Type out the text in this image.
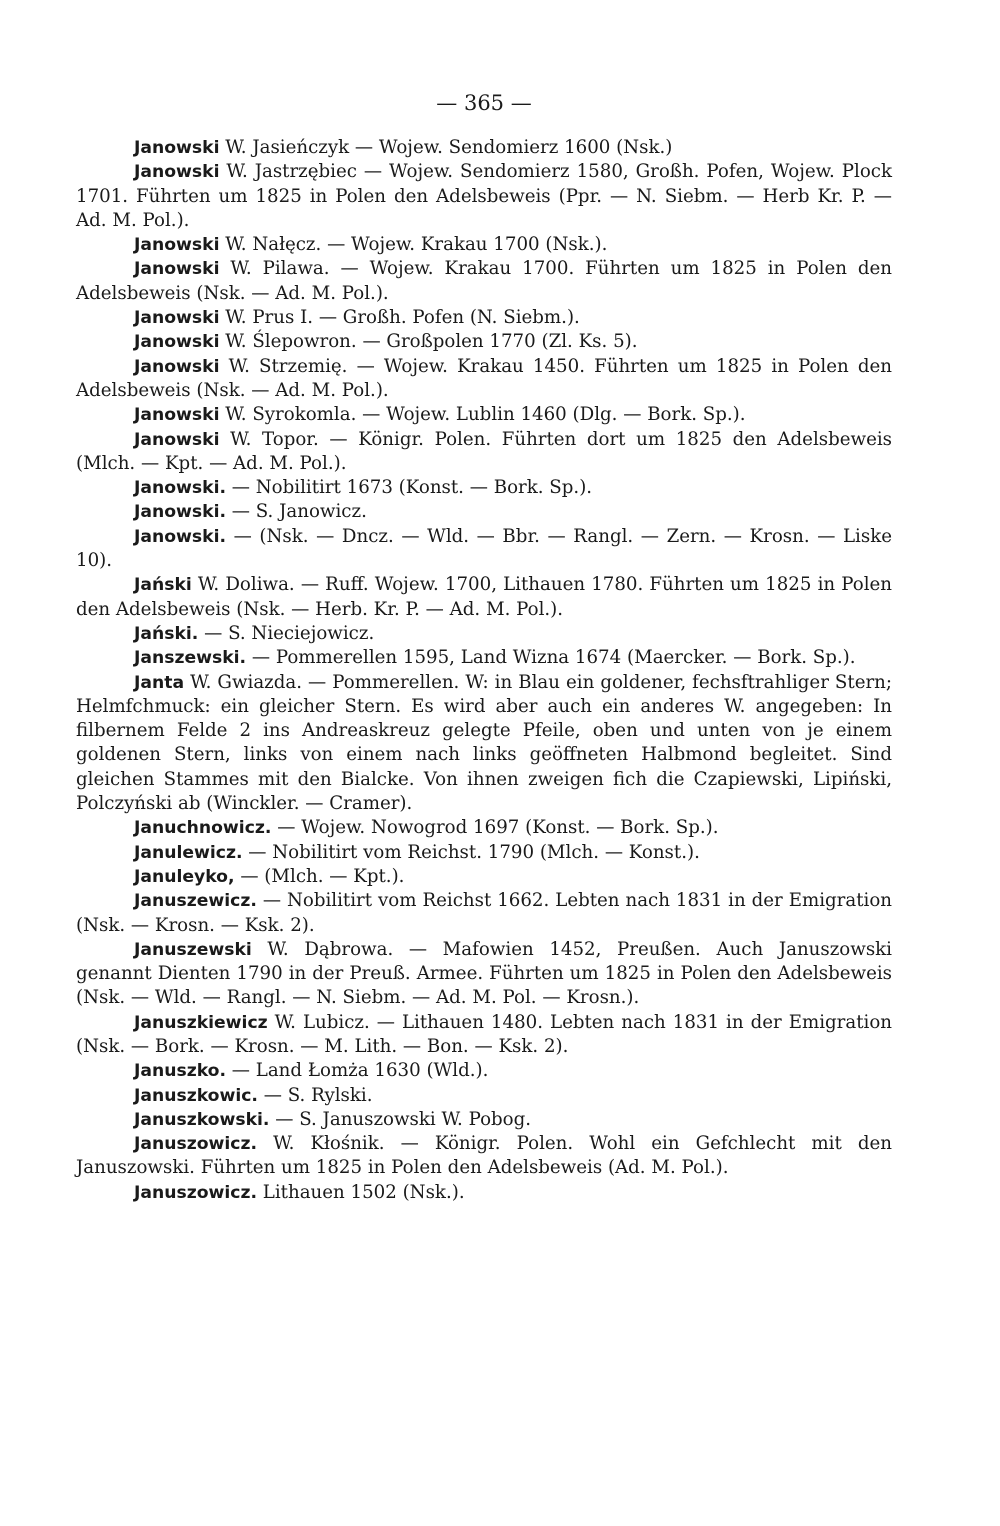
— 365 —

Janowski W. Jasieńczyk — Wojew. Sendomierz 1600 (Nsk.)

Janowski W. Jastrzębiec — Wojew. Sendomierz 1580, Großh. Pofen, Wojew. Plock 1701. Führten um 1825 in Polen den Adelsbeweis (Ppr. — N. Siebm. — Herb Kr. P. — Ad. M. Pol.).

Janowski W. Nałęcz. — Wojew. Krakau 1700 (Nsk.).

Janowski W. Pilawa. — Wojew. Krakau 1700. Führten um 1825 in Polen den Adelsbeweis (Nsk. — Ad. M. Pol.).

Janowski W. Prus I. — Großh. Pofen (N. Siebm.).

Janowski W. Ślepowron. — Großpolen 1770 (Zl. Ks. 5).

Janowski W. Strzemię. — Wojew. Krakau 1450. Führten um 1825 in Polen den Adelsbeweis (Nsk. — Ad. M. Pol.).

Janowski W. Syrokomla. — Wojew. Lublin 1460 (Dlg. — Bork. Sp.).

Janowski W. Topor. — Königr. Polen. Führten dort um 1825 den Adelsbeweis (Mlch. — Kpt. — Ad. M. Pol.).

Janowski. — Nobilitirt 1673 (Konst. — Bork. Sp.).

Janowski. — S. Janowicz.

Janowski. — (Nsk. — Dncz. — Wld. — Bbr. — Rangl. — Zern. — Krosn. — Liske 10).

Jański W. Doliwa. — Ruff. Wojew. 1700, Lithauen 1780. Führten um 1825 in Polen den Adelsbeweis (Nsk. — Herb. Kr. P. — Ad. M. Pol.).

Jański. — S. Nieciejowicz.

Janszewski. — Pommerellen 1595, Land Wizna 1674 (Maercker. — Bork. Sp.).

Janta W. Gwiazda. — Pommerellen. W: in Blau ein goldener, fechsftrahliger Stern; Helmfchmuck: ein gleicher Stern. Es wird aber auch ein anderes W. angegeben: In filbernem Felde 2 ins Andreaskreuz gelegte Pfeile, oben und unten von je einem goldenen Stern, links von einem nach links geöffneten Halbmond begleitet. Sind gleichen Stammes mit den Bialcke. Von ihnen zweigen fich die Czapiewski, Lipiński, Polczyński ab (Winckler. — Cramer).

Januchnowicz. — Wojew. Nowogrod 1697 (Konst. — Bork. Sp.).

Janulewicz. — Nobilitirt vom Reichst. 1790 (Mlch. — Konst.).

Januleyko, — (Mlch. — Kpt.).

Januszewicz. — Nobilitirt vom Reichst 1662. Lebten nach 1831 in der Emigration (Nsk. — Krosn. — Ksk. 2).

Januszewski W. Dąbrowa. — Mafowien 1452, Preußen. Auch Januszowski genannt Dienten 1790 in der Preuß. Armee. Führten um 1825 in Polen den Adelsbeweis (Nsk. — Wld. — Rangl. — N. Siebm. — Ad. M. Pol. — Krosn.).

Januszkiewicz W. Lubicz. — Lithauen 1480. Lebten nach 1831 in der Emigration (Nsk. — Bork. — Krosn. — M. Lith. — Bon. — Ksk. 2).

Januszko. — Land Łomża 1630 (Wld.).

Januszkowic. — S. Rylski.

Januszkowski. — S. Januszowski W. Pobog.

Januszowicz. W. Kłośnik. — Königr. Polen. Wohl ein Gefchlecht mit den Januszowski. Führten um 1825 in Polen den Adelsbeweis (Ad. M. Pol.).

Januszowicz. Lithauen 1502 (Nsk.).
